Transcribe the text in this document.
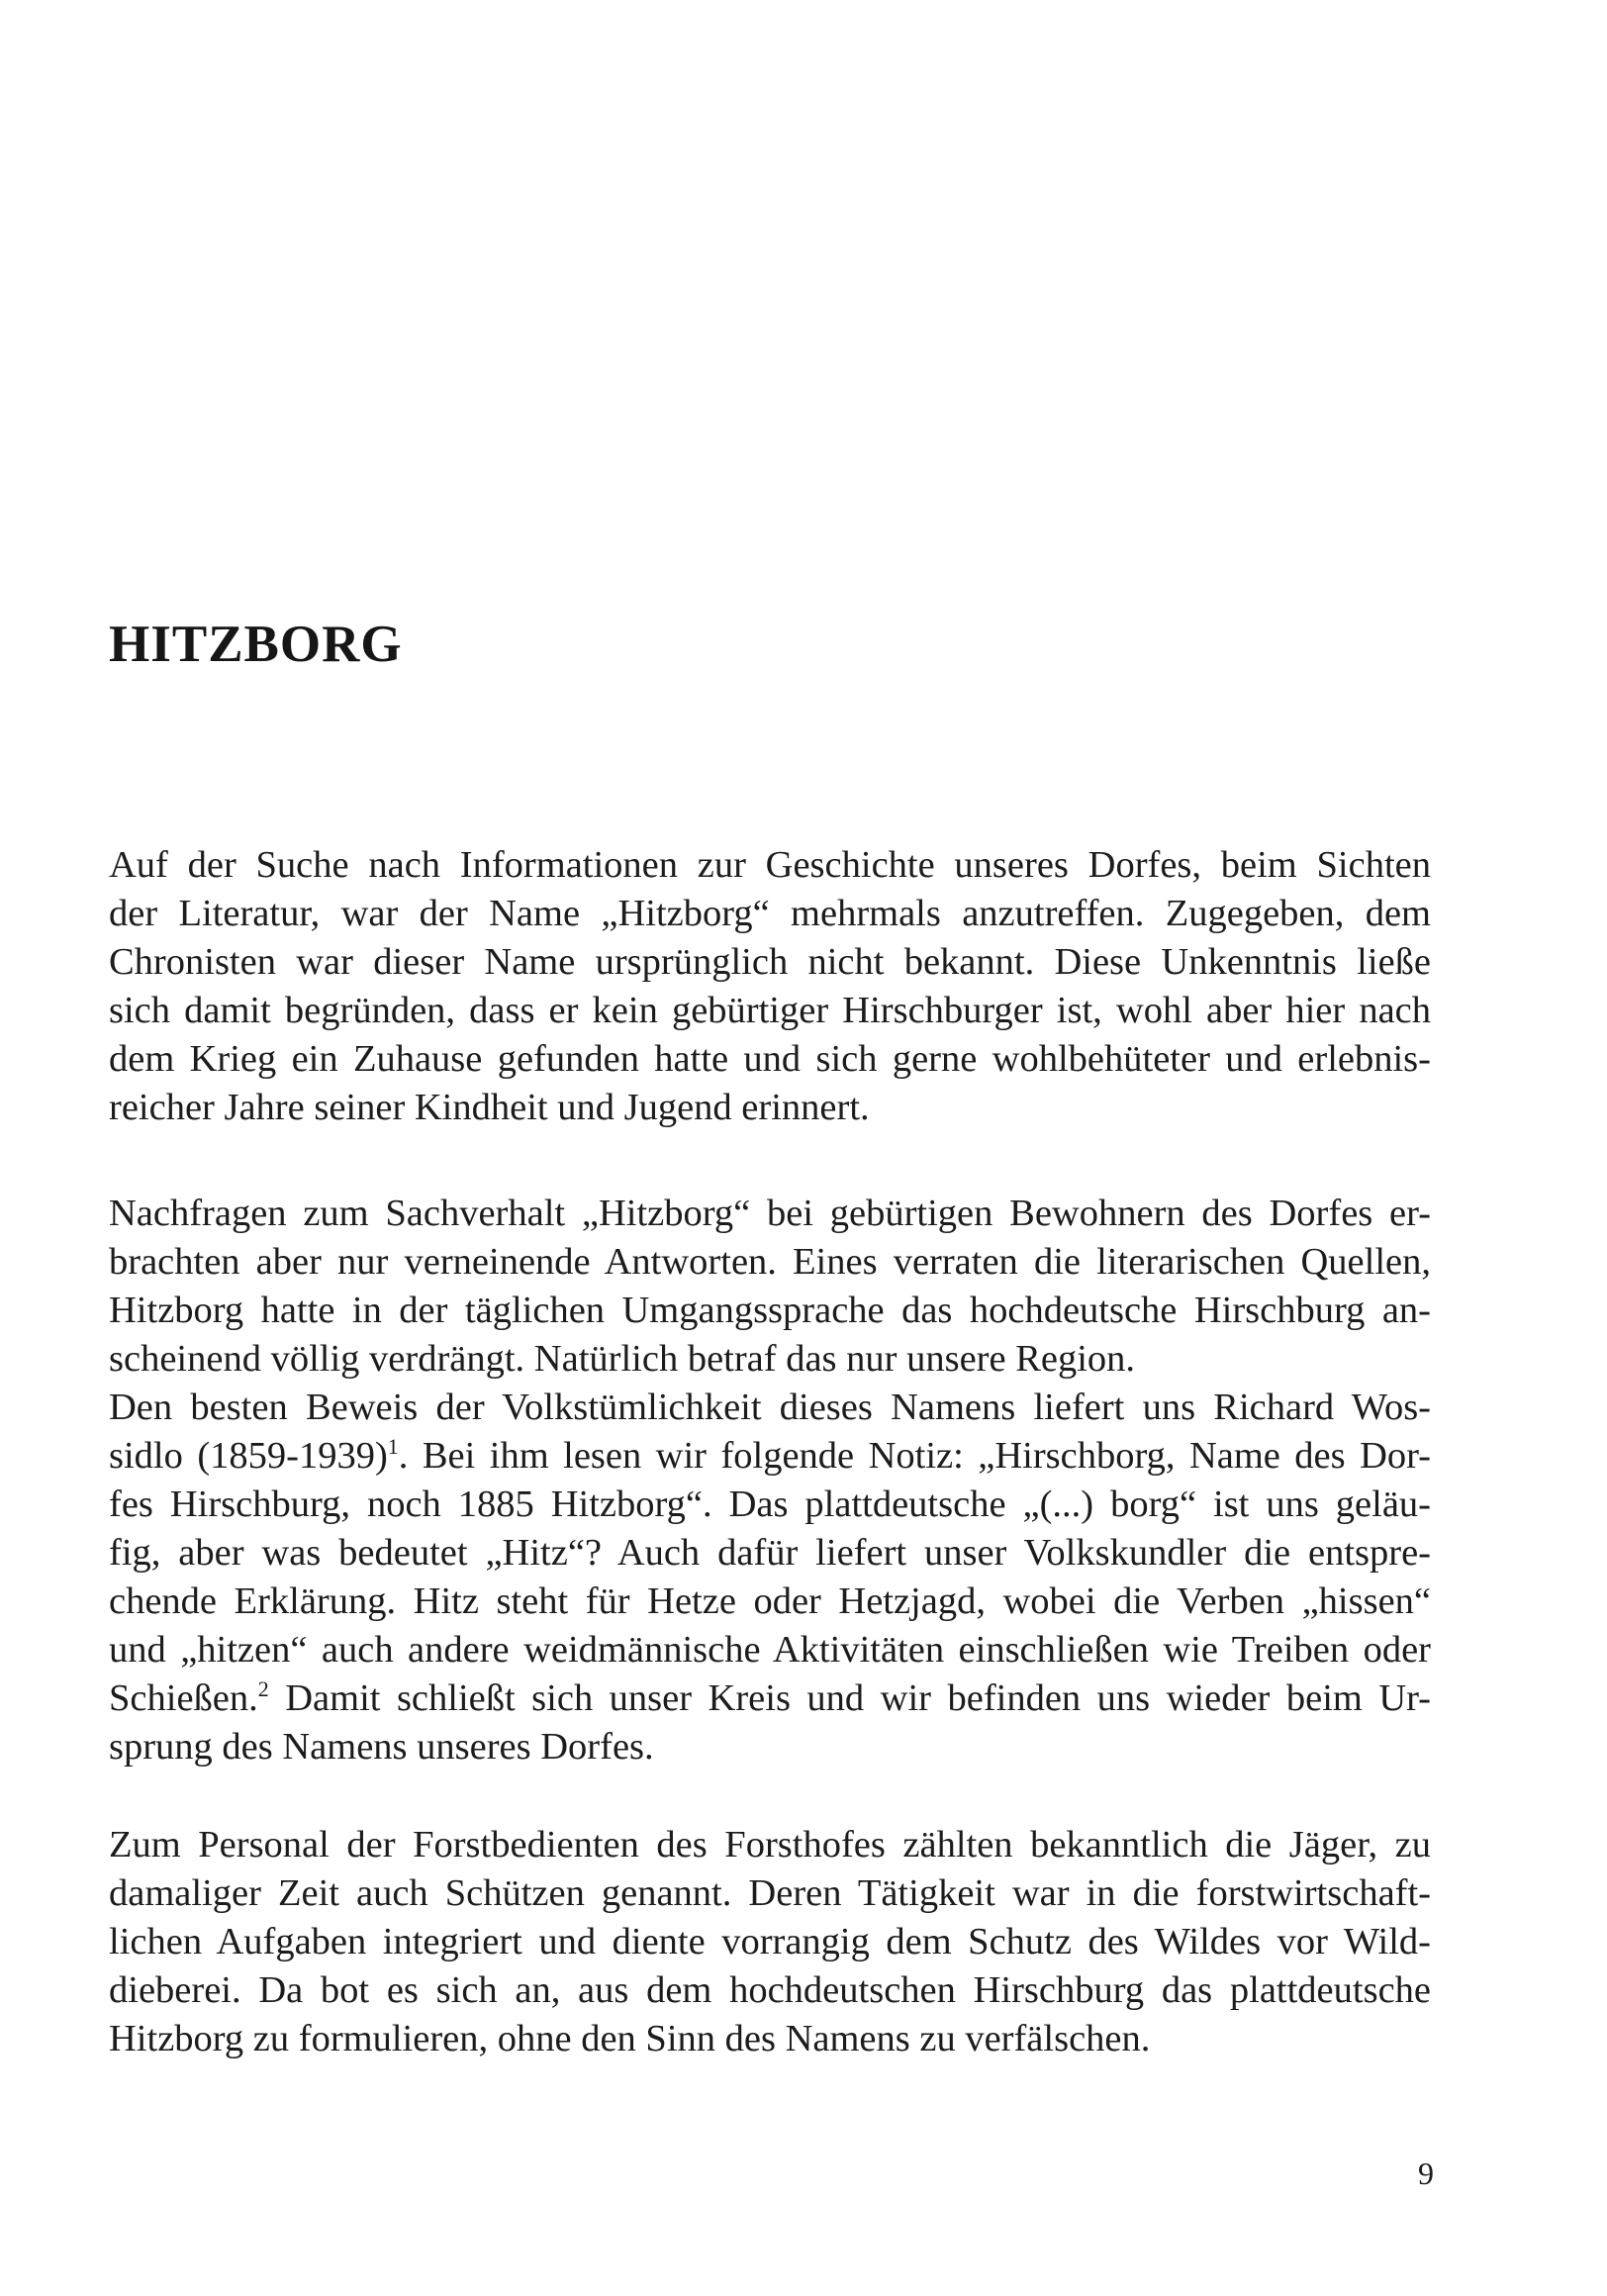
HITZBORG
Auf der Suche nach Informationen zur Geschichte unseres Dorfes, beim Sichten
der Literatur, war der Name „Hitzborg“ mehrmals anzutreffen. Zugegeben, dem
Chronisten war dieser Name ursprünglich nicht bekannt. Diese Unkenntnis ließe
sich damit begründen, dass er kein gebürtiger Hirschburger ist, wohl aber hier nach
dem Krieg ein Zuhause gefunden hatte und sich gerne wohlbehüteter und erlebnis-
reicher Jahre seiner Kindheit und Jugend erinnert.
Nachfragen zum Sachverhalt „Hitzborg“ bei gebürtigen Bewohnern des Dorfes er-
brachten aber nur verneinende Antworten. Eines verraten die literarischen Quellen,
Hitzborg hatte in der täglichen Umgangssprache das hochdeutsche Hirschburg an-
scheinend völlig verdrängt. Natürlich betraf das nur unsere Region.
Den besten Beweis der Volkstümlichkeit dieses Namens liefert uns Richard Wos-
sidlo (1859-1939)$^1$. Bei ihm lesen wir folgende Notiz: „Hirschborg, Name des Dor-
fes Hirschburg, noch 1885 Hitzborg“. Das plattdeutsche „(...) borg“ ist uns geläu-
fig, aber was bedeutet „Hitz“? Auch dafür liefert unser Volkskundler die entspre-
chende Erklärung. Hitz steht für Hetze oder Hetzjagd, wobei die Verben „hissen“
und „hitzen“ auch andere weidmännische Aktivitäten einschließen wie Treiben oder
Schießen.$^2$ Damit schließt sich unser Kreis und wir befinden uns wieder beim Ur-
sprung des Namens unseres Dorfes.
Zum Personal der Forstbedienten des Forsthofes zählten bekanntlich die Jäger, zu
damaliger Zeit auch Schützen genannt. Deren Tätigkeit war in die forstwirtschaft-
lichen Aufgaben integriert und diente vorrangig dem Schutz des Wildes vor Wild-
dieberei. Da bot es sich an, aus dem hochdeutschen Hirschburg das plattdeutsche
Hitzborg zu formulieren, ohne den Sinn des Namens zu verfälschen.
9
